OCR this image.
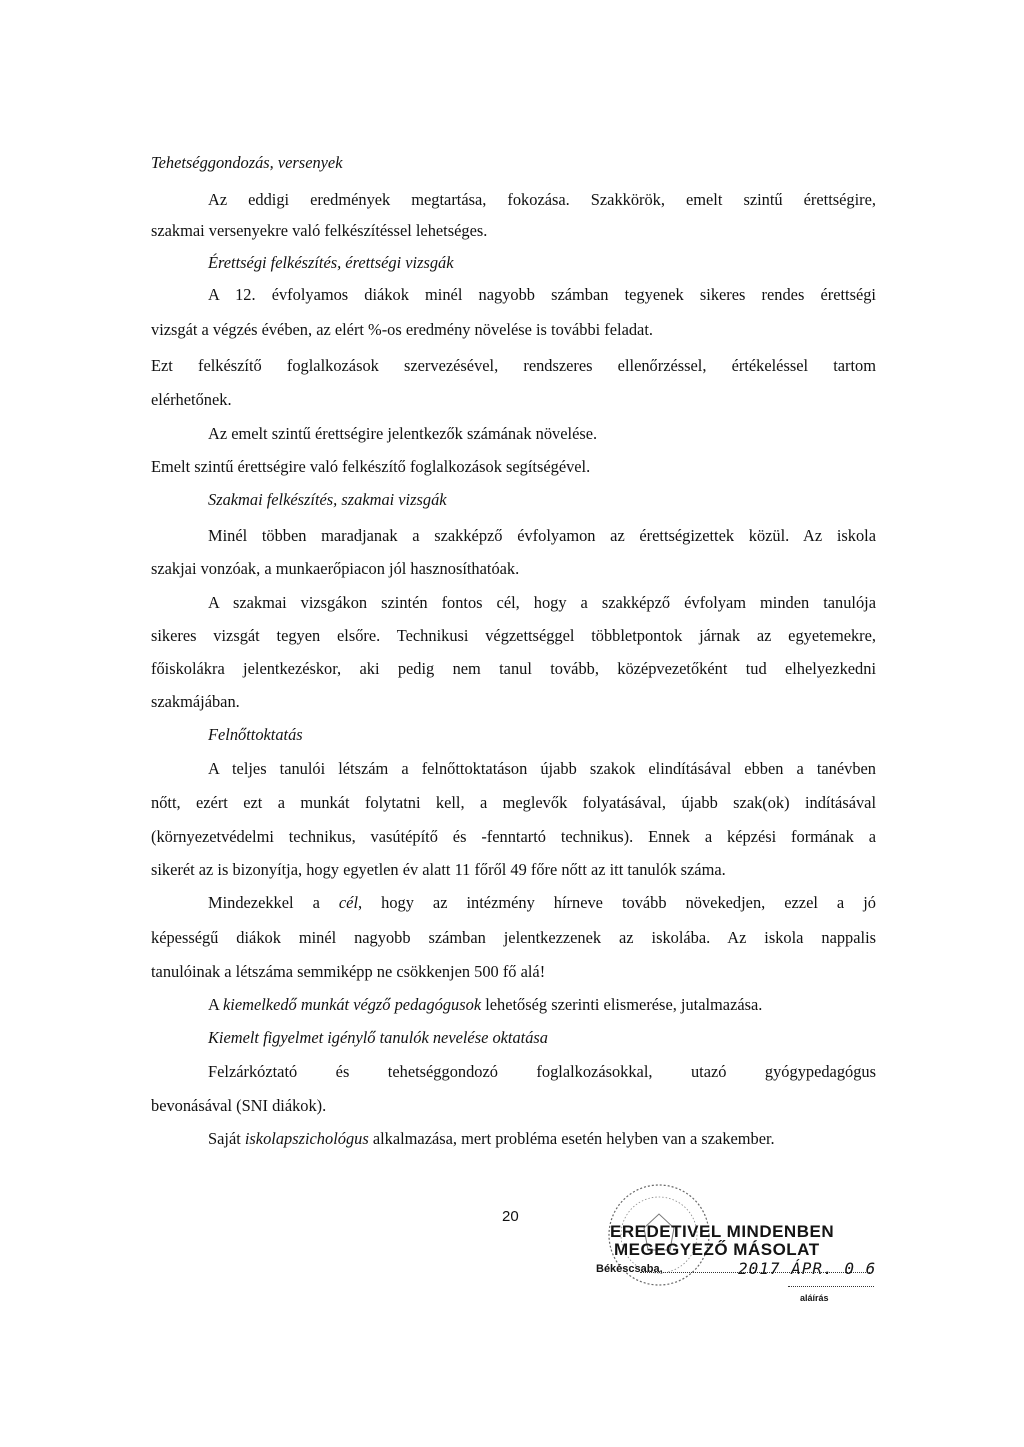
Tehetséggondozás, versenyek
Az eddigi eredmények megtartása, fokozása. Szakkörök, emelt szintű érettségire,
szakmai versenyekre való felkészítéssel lehetséges.
Érettségi felkészítés, érettségi vizsgák
A 12. évfolyamos diákok minél nagyobb számban tegyenek sikeres rendes érettségi
vizsgát a végzés évében, az elért %-os eredmény növelése is további feladat.
Ezt felkészítő foglalkozások szervezésével, rendszeres ellenőrzéssel, értékeléssel tartom
elérhetőnek.
Az emelt szintű érettségire jelentkezők számának növelése.
Emelt szintű érettségire való felkészítő foglalkozások segítségével.
Szakmai felkészítés, szakmai vizsgák
Minél többen maradjanak a szakképző évfolyamon az érettségizettek közül. Az iskola
szakjai vonzóak, a munkaerőpiacon jól hasznosíthatóak.
A szakmai vizsgákon szintén fontos cél, hogy a szakképző évfolyam minden tanulója
sikeres vizsgát tegyen elsőre. Technikusi végzettséggel többletpontok járnak az egyetemekre,
főiskolákra jelentkezéskor, aki pedig nem tanul tovább, középvezetőként tud elhelyezkedni
szakmájában.
Felnőttoktatás
A teljes tanulói létszám a felnőttoktatáson újabb szakok elindításával ebben a tanévben
nőtt, ezért ezt a munkát folytatni kell, a meglevők folyatásával, újabb szak(ok) indításával
(környezetvédelmi technikus, vasútépítő és -fenntartó technikus). Ennek a képzési formának a
sikerét az is bizonyítja, hogy egyetlen év alatt 11 főről 49 főre nőtt az itt tanulók száma.
Mindezekkel a cél, hogy az intézmény hírneve tovább növekedjen, ezzel a jó
képességű diákok minél nagyobb számban jelentkezzenek az iskolába. Az iskola nappalis
tanulóinak a létszáma semmiképp ne csökkenjen 500 fő alá!
A kiemelkedő munkát végző pedagógusok lehetőség szerinti elismerése, jutalmazása.
Kiemelt figyelmet igénylő tanulók nevelése oktatása
Felzárkóztató és tehetséggondozó foglalkozásokkal, utazó gyógypedagógus
bevonásával (SNI diákok).
Saját iskolapszichológus alkalmazása, mert probléma esetén helyben van a szakember.
20
EREDETIVEL MINDENBEN
MEGEGYEZŐ MÁSOLAT
Békéscsaba,	2017 ÁPR. 0 6
aláírás
